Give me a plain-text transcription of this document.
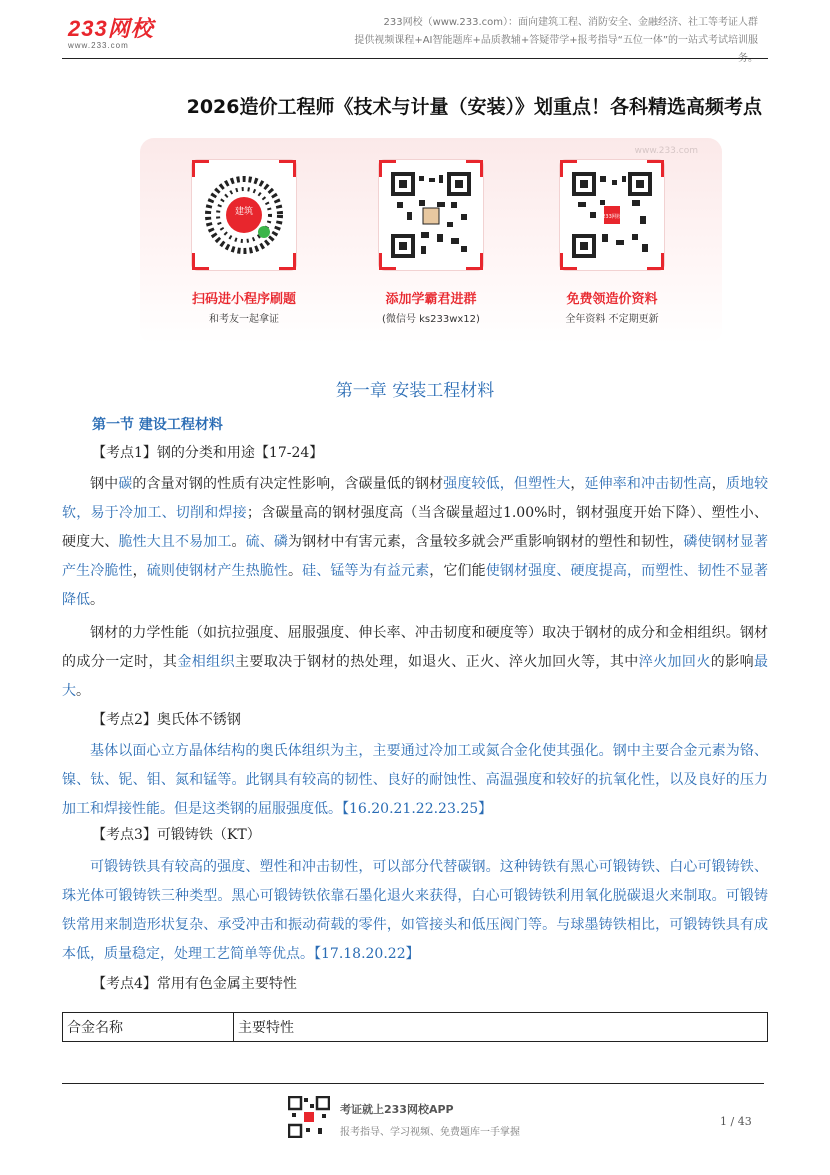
233网校
www.233.com
233网校（www.233.com）：面向建筑工程、消防安全、金融经济、社工等考证人群
提供视频课程+AI智能题库+品质教辅+答疑带学+报考指导“五位一体”的一站式考试培训服
2026造价工程师《技术与计量（安装）》划重点！各科精选高频考点
www.233.com
建筑
扫码进小程序刷题
和考友一起拿证
添加学霸君进群
(微信号 ks233wx12)
233网校
免费领造价资料
全年资料 不定期更新
第一章 安装工程材料
第一节 建设工程材料
【考点1】钢的分类和用途【17-24】
钢中碳的含量对钢的性质有决定性影响，含碳量低的钢材强度较低，但塑性大，延伸率和冲击韧性高，质地较软，易于冷加工、切削和焊接；含碳量高的钢材强度高（当含碳量超过1.00%时，钢材强度开始下降）、塑性小、硬度大、脆性大且不易加工。硫、磷为钢材中有害元素，含量较多就会严重影响钢材的塑性和韧性，磷使钢材显著产生冷脆性，硫则使钢材产生热脆性。硅、锰等为有益元素，它们能使钢材强度、硬度提高，而塑性、韧性不显著降低。
钢材的力学性能（如抗拉强度、屈服强度、伸长率、冲击韧度和硬度等）取决于钢材的成分和金相组织。钢材的成分一定时，其金相组织主要取决于钢材的热处理，如退火、正火、淬火加回火等，其中淬火加回火的影响最大。
【考点2】奥氏体不锈钢
基体以面心立方晶体结构的奥氏体组织为主，主要通过冷加工或氮合金化使其强化。钢中主要合金元素为铬、镍、钛、铌、钼、氮和锰等。此钢具有较高的韧性、良好的耐蚀性、高温强度和较好的抗氧化性，以及良好的压力加工和焊接性能。但是这类钢的屈服强度低。【16.20.21.22.23.25】
【考点3】可锻铸铁（KT）
可锻铸铁具有较高的强度、塑性和冲击韧性，可以部分代替碳钢。这种铸铁有黑心可锻铸铁、白心可锻铸铁、珠光体可锻铸铁三种类型。黑心可锻铸铁依靠石墨化退火来获得，白心可锻铸铁利用氧化脱碳退火来制取。可锻铸铁常用来制造形状复杂、承受冲击和振动荷载的零件，如管接头和低压阀门等。与球墨铸铁相比，可锻铸铁具有成本低，质量稳定，处理工艺简单等优点。【17.18.20.22】
【考点4】常用有色金属主要特性
合金名称	主要特性
考证就上233网校APP
报考指导、学习视频、免费题库一手掌握
1 / 43
